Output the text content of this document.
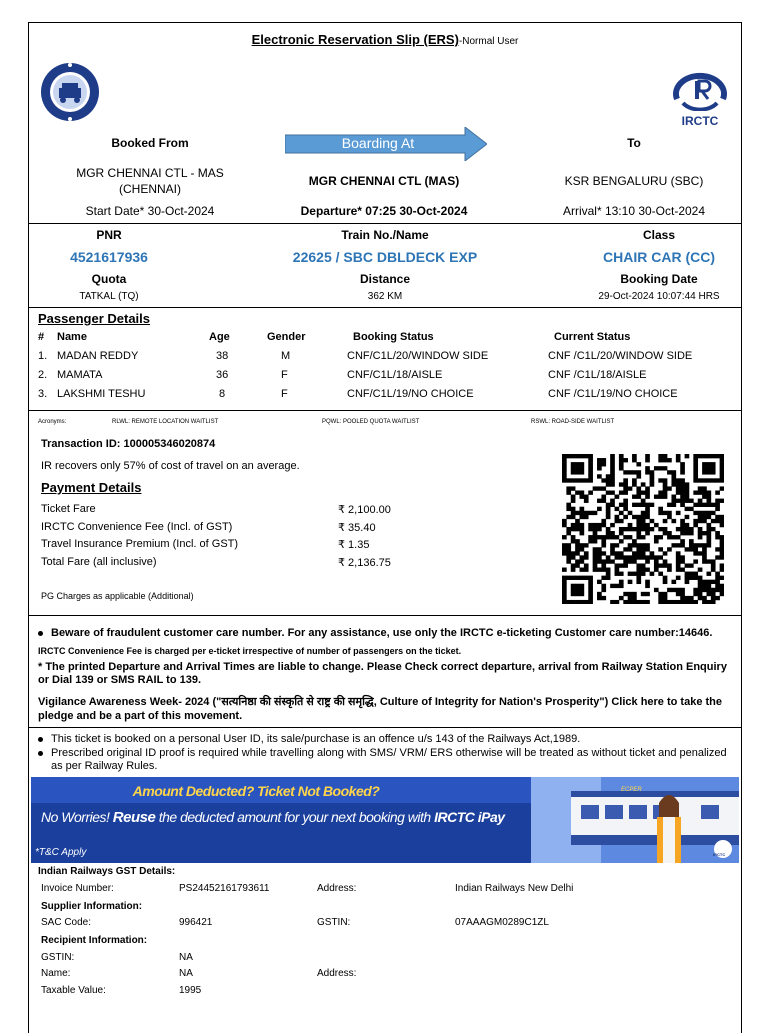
Electronic Reservation Slip (ERS)-Normal User
IRCTC
Booked From	Boarding At	To
MGR CHENNAI CTL - MAS
(CHENNAI)
MGR CHENNAI CTL (MAS)	KSR BENGALURU (SBC)
Start Date* 30-Oct-2024	Departure* 07:25 30-Oct-2024	Arrival* 13:10 30-Oct-2024
PNR	Train No./Name	Class
4521617936	22625 / SBC DBLDECK EXP	CHAIR CAR (CC)
Quota	Distance	Booking Date
TATKAL (TQ)	362 KM	29-Oct-2024 10:07:44 HRS
Passenger Details
# Name	Age	Gender	Booking Status	Current Status
1. MADAN REDDY	38	M	CNF/C1L/20/WINDOW SIDE	CNF /C1L/20/WINDOW SIDE
2. MAMATA	36	F	CNF/C1L/18/AISLE	CNF /C1L/18/AISLE
3. LAKSHMI TESHU	8	F	CNF/C1L/19/NO CHOICE	CNF /C1L/19/NO CHOICE
Acronyms:	RLWL: REMOTE LOCATION WAITLIST	PQWL: POOLED QUOTA WAITLIST	RSWL: ROAD-SIDE WAITLIST
Transaction ID: 100005346020874
IR recovers only 57% of cost of travel on an average.
Payment Details
Ticket Fare	₹ 2,100.00
IRCTC Convenience Fee (Incl. of GST)	₹ 35.40
Travel Insurance Premium (Incl. of GST)	₹ 1.35
Total Fare (all inclusive)	₹ 2,136.75
PG Charges as applicable (Additional)
Beware of fraudulent customer care number. For any assistance, use only the IRCTC e-ticketing Customer care number:14646.
IRCTC Convenience Fee is charged per e-ticket irrespective of number of passengers on the ticket.
* The printed Departure and Arrival Times are liable to change. Please Check correct departure, arrival from Railway Station Enquiry or Dial 139 or SMS RAIL to 139.
Vigilance Awareness Week- 2024 ("सत्यनिष्ठा की संस्कृति से राष्ट्र की समृद्धि, Culture of Integrity for Nation's Prosperity") Click here to take the pledge and be a part of this movement.
This ticket is booked on a personal User ID, its sale/purchase is an offence u/s 143 of the Railways Act,1989.
Prescribed original ID proof is required while travelling along with SMS/ VRM/ ERS otherwise will be treated as without ticket and penalized as per Railway Rules.
Amount Deducted? Ticket Not Booked?
No Worries! Reuse the deducted amount for your next booking with IRCTC iPay
*T&C Apply
ECPER
IRCTC
Indian Railways GST Details:
Invoice Number:	PS24452161793611	Address:	Indian Railways New Delhi
Supplier Information:
SAC Code:	996421	GSTIN:	07AAAGM0289C1ZL
Recipient Information:
GSTIN:	NA
Name:	NA	Address:
Taxable Value:	1995
